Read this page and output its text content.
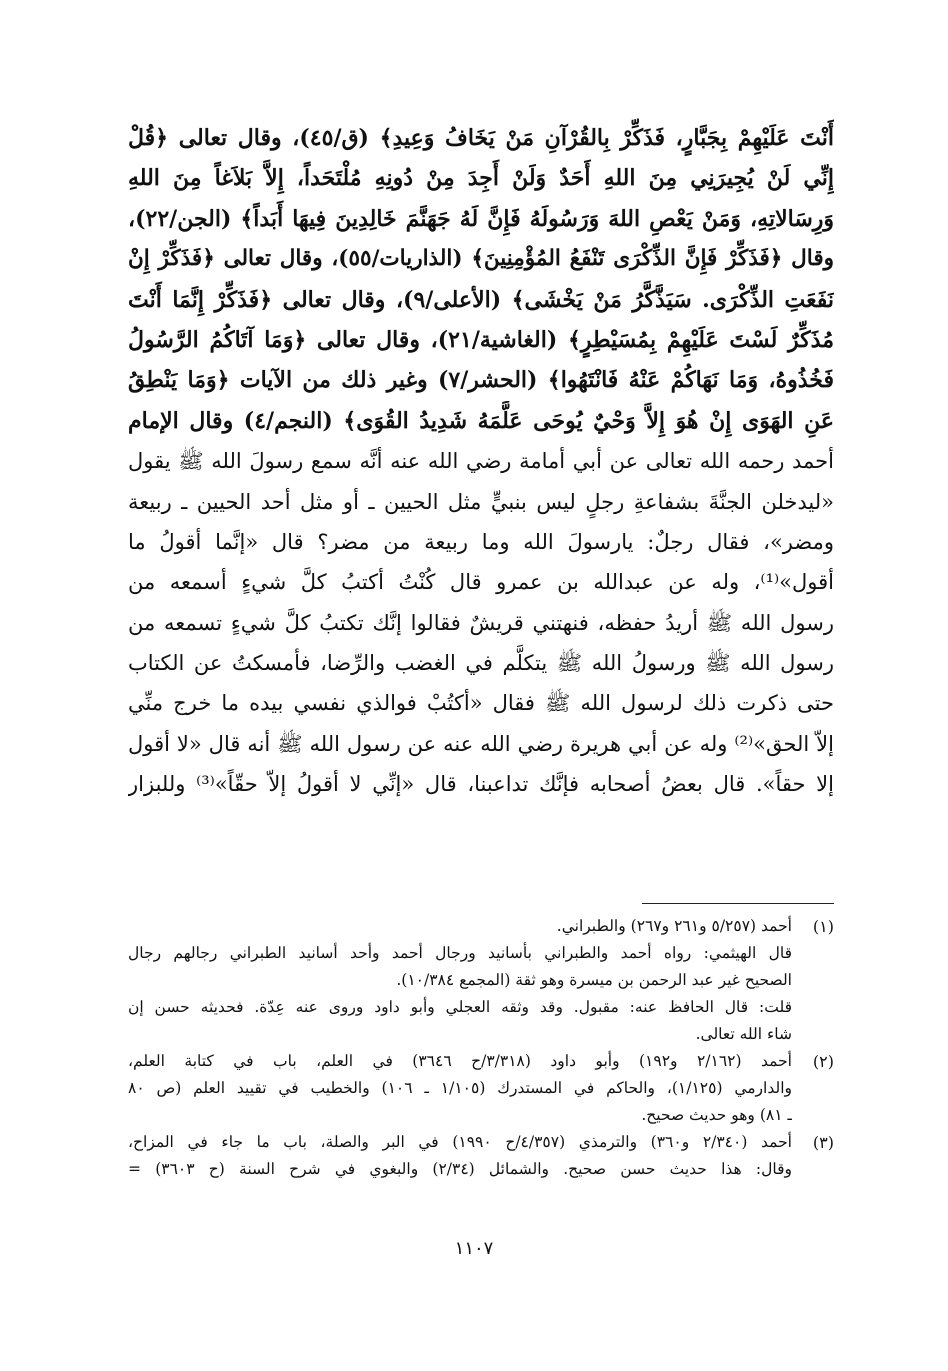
أَنْتَ عَلَيْهِمْ بِجَبَّارٍ، فَذَكِّرْ بِالقُرْآنِ مَنْ يَخَافُ وَعِيدِ﴾ (ق/٤٥)، وقال تعالى ﴿قُلْ
إِنِّي لَنْ يُجِيرَنِي مِنَ اللهِ أَحَدٌ وَلَنْ أَجِدَ مِنْ دُونِهِ مُلْتَحَداً، إِلاَّ بَلاَغاً مِنَ اللهِ
وَرِسَالاتِهِ، وَمَنْ يَعْصِ اللهَ وَرَسُولَهُ فَإِنَّ لَهُ جَهَنَّمَ خَالِدِينَ فِيهَا أَبَداً﴾ (الجن/٢٢)،
وقال ﴿فَذَكِّرْ فَإِنَّ الذِّكْرَى تَنْفَعُ المُؤْمِنِينَ﴾ (الذاريات/٥٥)، وقال تعالى ﴿فَذَكِّرْ إِنْ
نَفَعَتِ الذِّكْرَى. سَيَذَّكَّرُ مَنْ يَخْشَى﴾ (الأعلى/٩)، وقال تعالى ﴿فَذَكِّرْ إِنَّمَا أَنْتَ
مُذَكِّرٌ لَسْتَ عَلَيْهِمْ بِمُسَيْطِرٍ﴾ (الغاشية/٢١)، وقال تعالى ﴿وَمَا آتَاكُمُ الرَّسُولُ
فَخُذُوهُ، وَمَا نَهَاكُمْ عَنْهُ فَانْتَهُوا﴾ (الحشر/٧) وغير ذلك من الآيات ﴿وَمَا يَنْطِقُ
عَنِ الهَوَى إِنْ هُوَ إِلاَّ وَحْيٌ يُوحَى عَلَّمَهُ شَدِيدُ القُوَى﴾ (النجم/٤) وقال الإمام
أحمد رحمه الله تعالى عن أبي أمامة رضي الله عنه أنَّه سمع رسولَ الله ﷺ يقول
«ليدخلن الجنَّةَ بشفاعةِ رجلٍ ليس بنبيٍّ مثل الحيين ـ أو مثل أحد الحيين ـ ربيعة
ومضر»، فقال رجلٌ: يارسولَ الله وما ربيعة من مضر؟ قال «إنَّما أقولُ ما
أقول»⁽¹⁾، وله عن عبدالله بن عمرو قال كُنْتُ أكتبُ كلَّ شيءٍ أسمعه من
رسول الله ﷺ أريدُ حفظه، فنهتني قريشٌ فقالوا إنَّك تكتبُ كلَّ شيءٍ تسمعه من
رسول الله ﷺ ورسولُ الله ﷺ يتكلَّم في الغضب والرِّضا، فأمسكتُ عن الكتاب
حتى ذكرت ذلك لرسول الله ﷺ فقال «أكتُبْ فوالذي نفسي بيده ما خرج منِّي
إلاّ الحق»⁽²⁾ وله عن أبي هريرة رضي الله عنه عن رسول الله ﷺ أنه قال «لا أقول
إلا حقاً». قال بعضُ أصحابه فإنَّك تداعبنا، قال «إنِّي لا أقولُ إلاّ حقّاً»⁽³⁾ وللبزار
(١)
أحمد (٥/٢٥٧ و٢٦١ و٢٦٧) والطبراني.
قال الهيثمي: رواه أحمد والطبراني بأسانيد ورجال أحمد وأحد أسانيد الطبراني رجالهم رجال
الصحيح غير عبد الرحمن بن ميسرة وهو ثقة (المجمع ١٠/٣٨٤).
قلت: قال الحافظ عنه: مقبول. وقد وثقه العجلي وأبو داود وروى عنه عِدّة. فحديثه حسن إن
شاء الله تعالى.
(٢)
أحمد (٢/١٦٢ و١٩٢) وأبو داود (٣/٣١٨/ح ٣٦٤٦) في العلم، باب في كتابة العلم،
والدارمي (١/١٢٥)، والحاكم في المستدرك (١/١٠٥ ـ ١٠٦) والخطيب في تقييد العلم (ص ٨٠
ـ ٨١) وهو حديث صحيح.
(٣)
أحمد (٢/٣٤٠ و٣٦٠) والترمذي (٤/٣٥٧/ح ١٩٩٠) في البر والصلة، باب ما جاء في المزاح،
وقال: هذا حديث حسن صحيح. والشمائل (٢/٣٤) والبغوي في شرح السنة (ح ٣٦٠٣) =
١١٠٧
